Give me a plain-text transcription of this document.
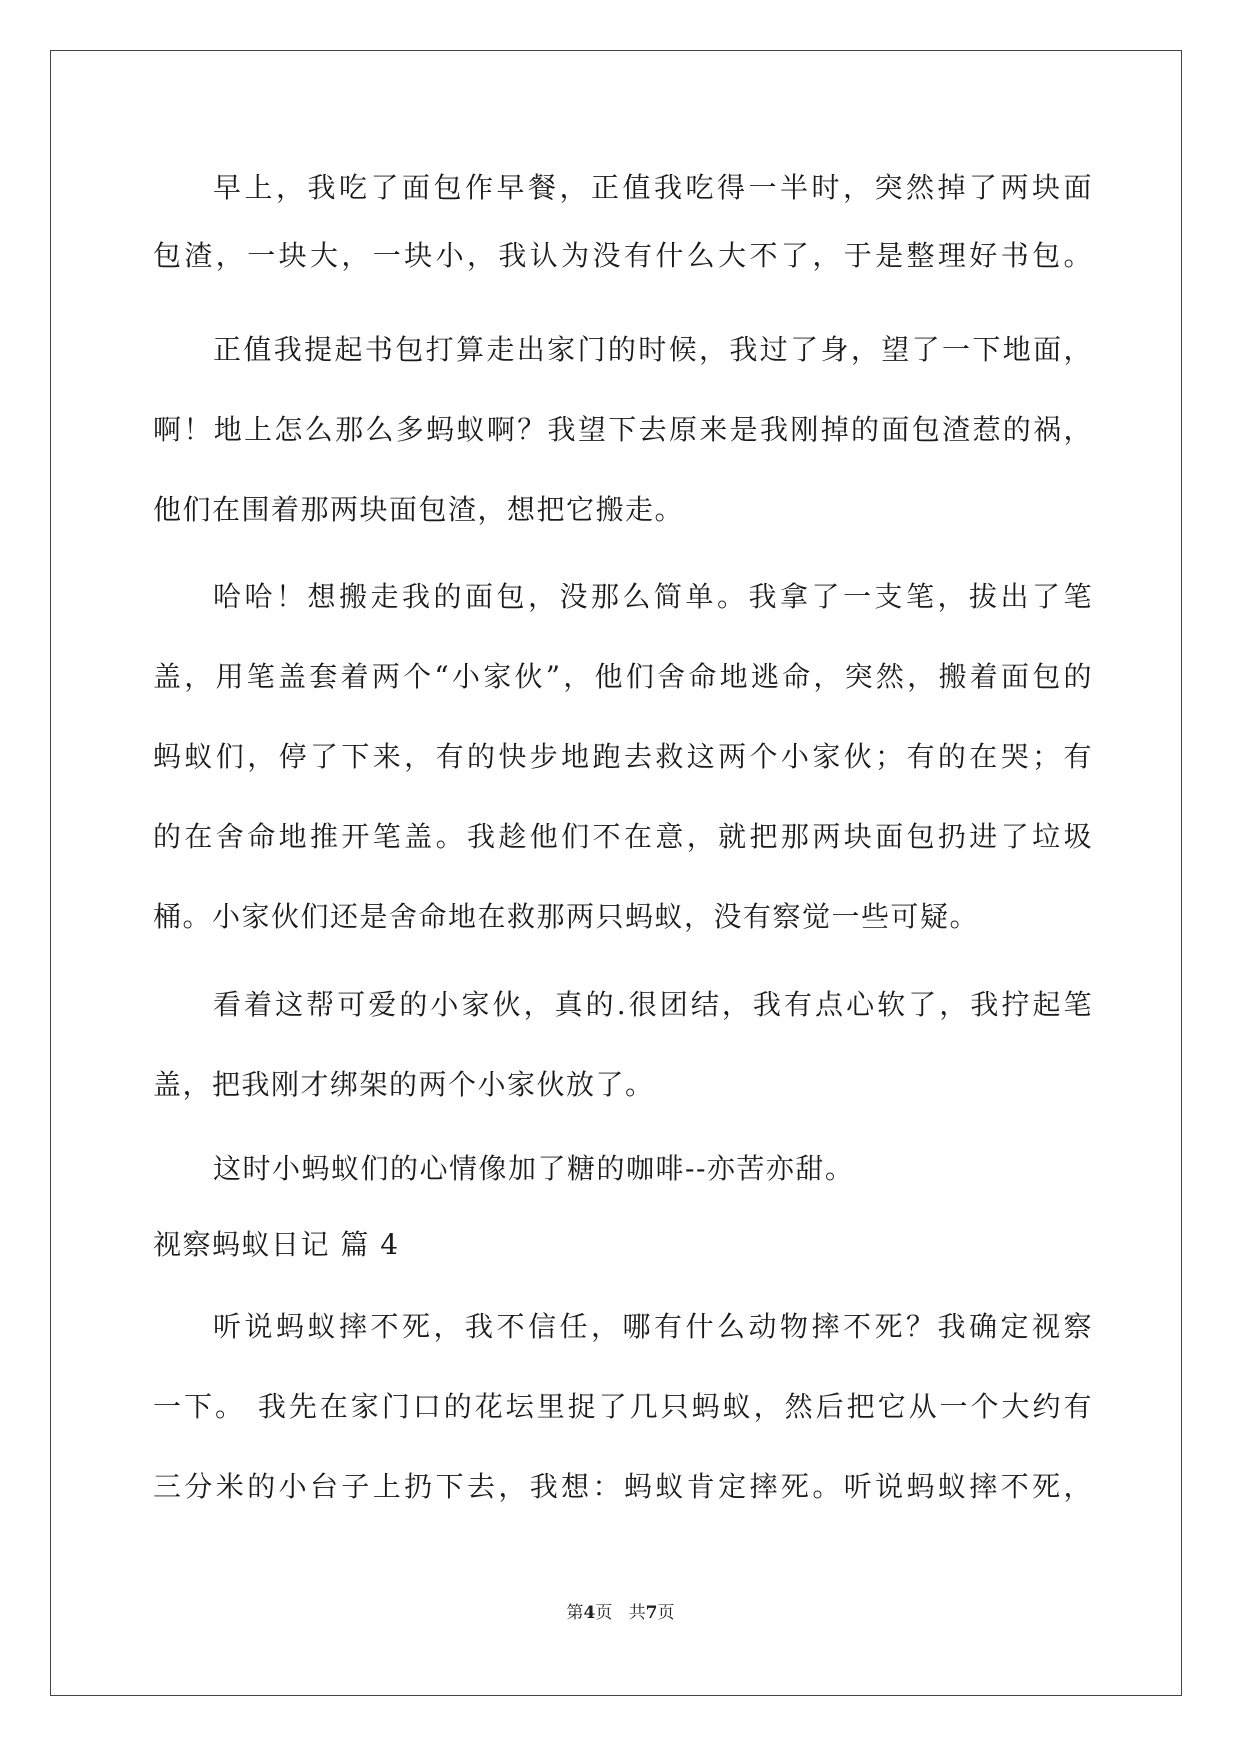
早上，我吃了面包作早餐，正值我吃得一半时，突然掉了两块面
包渣，一块大，一块小，我认为没有什么大不了，于是整理好书包。
正值我提起书包打算走出家门的时候，我过了身，望了一下地面，
啊！地上怎么那么多蚂蚁啊？我望下去原来是我刚掉的面包渣惹的祸，
他们在围着那两块面包渣，想把它搬走。
哈哈！想搬走我的面包，没那么简单。我拿了一支笔，拔出了笔
盖，用笔盖套着两个“小家伙”，他们舍命地逃命，突然，搬着面包的
蚂蚁们，停了下来，有的快步地跑去救这两个小家伙；有的在哭；有
的在舍命地推开笔盖。我趁他们不在意，就把那两块面包扔进了垃圾
桶。小家伙们还是舍命地在救那两只蚂蚁，没有察觉一些可疑。
看着这帮可爱的小家伙，真的.很团结，我有点心软了，我拧起笔
盖，把我刚才绑架的两个小家伙放了。
这时小蚂蚁们的心情像加了糖的咖啡--亦苦亦甜。
视察蚂蚁日记 篇 4
听说蚂蚁摔不死，我不信任，哪有什么动物摔不死？我确定视察
一下。 我先在家门口的花坛里捉了几只蚂蚁，然后把它从一个大约有
三分米的小台子上扔下去，我想：蚂蚁肯定摔死。听说蚂蚁摔不死，
第4页   共7页
